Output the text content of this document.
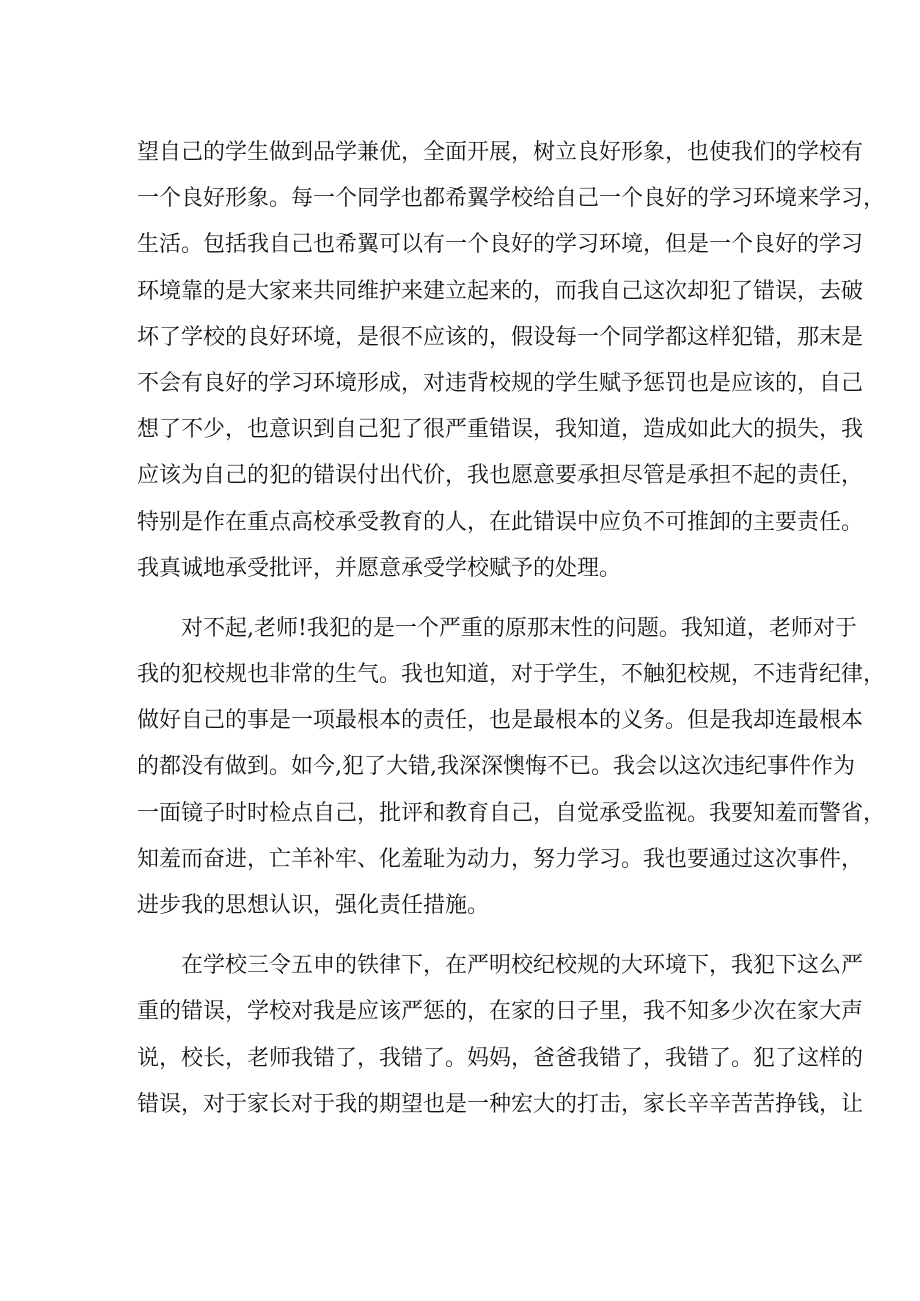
望自己的学生做到品学兼优，全面开展，树立良好形象，也使我们的学校有
一个良好形象。每一个同学也都希翼学校给自己一个良好的学习环境来学习，
生活。包括我自己也希翼可以有一个良好的学习环境，但是一个良好的学习
环境靠的是大家来共同维护来建立起来的，而我自己这次却犯了错误，去破
坏了学校的良好环境，是很不应该的，假设每一个同学都这样犯错，那末是
不会有良好的学习环境形成，对违背校规的学生赋予惩罚也是应该的，自己
想了不少，也意识到自己犯了很严重错误，我知道，造成如此大的损失，我
应该为自己的犯的错误付出代价，我也愿意要承担尽管是承担不起的责任，
特别是作在重点高校承受教育的人，在此错误中应负不可推卸的主要责任。
我真诚地承受批评，并愿意承受学校赋予的处理。
对不起,老师!我犯的是一个严重的原那末性的问题。我知道，老师对于
我的犯校规也非常的生气。我也知道，对于学生，不触犯校规，不违背纪律，
做好自己的事是一项最根本的责任，也是最根本的义务。但是我却连最根本
的都没有做到。如今,犯了大错,我深深懊悔不已。我会以这次违纪事件作为
一面镜子时时检点自己，批评和教育自己，自觉承受监视。我要知羞而警省，
知羞而奋进，亡羊补牢、化羞耻为动力，努力学习。我也要通过这次事件，
进步我的思想认识，强化责任措施。
在学校三令五申的铁律下，在严明校纪校规的大环境下，我犯下这么严
重的错误，学校对我是应该严惩的，在家的日子里，我不知多少次在家大声
说，校长，老师我错了，我错了。妈妈，爸爸我错了，我错了。犯了这样的
错误，对于家长对于我的期望也是一种宏大的打击，家长辛辛苦苦挣钱，让
